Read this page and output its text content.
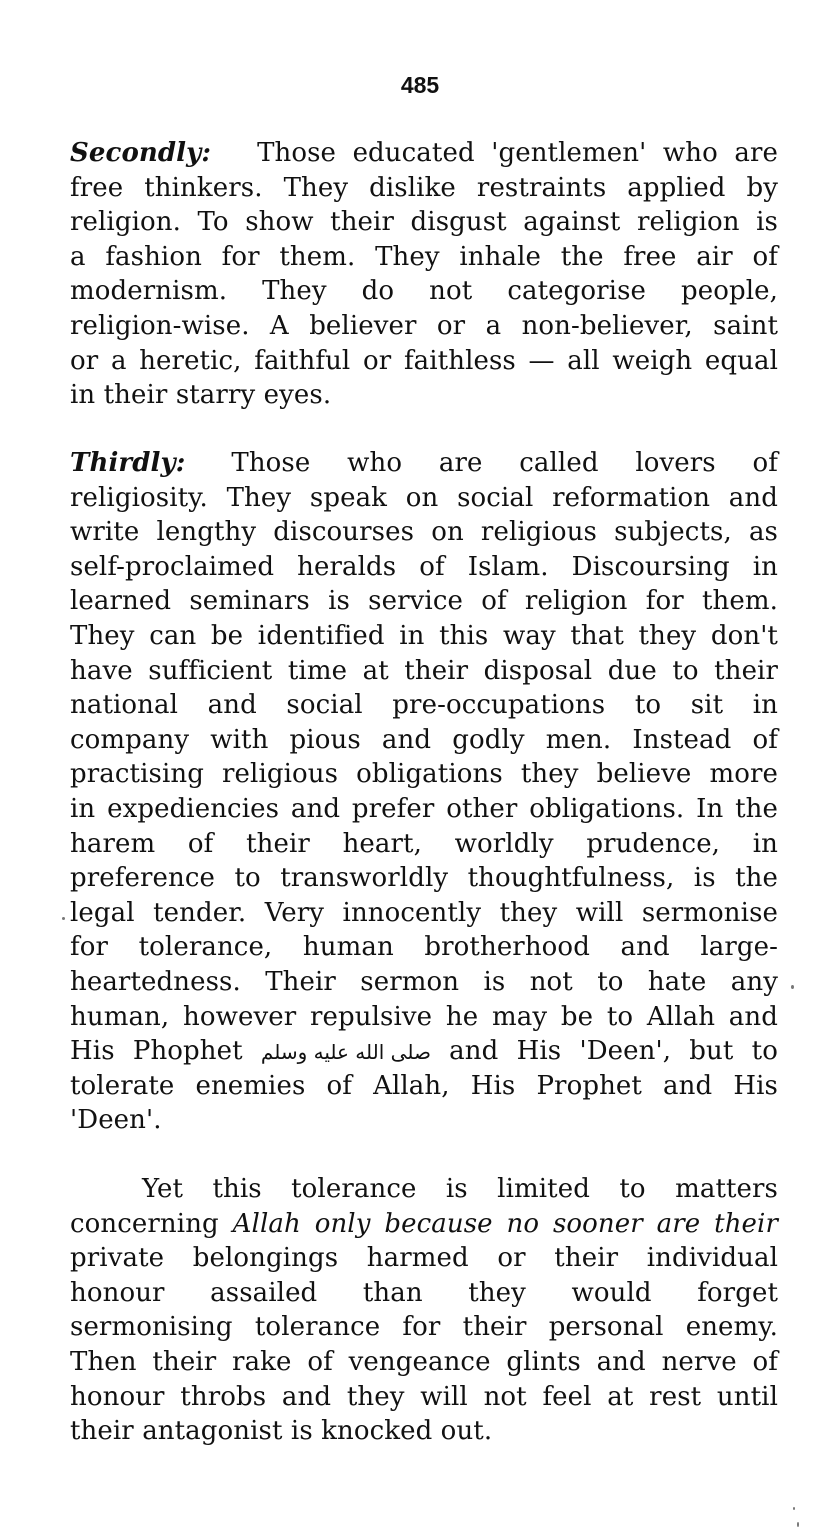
485
Secondly: Those educated 'gentlemen' who are
free thinkers. They dislike restraints applied by
religion. To show their disgust against religion is
a fashion for them. They inhale the free air of
modernism. They do not categorise people,
religion-wise. A believer or a non-believer, saint
or a heretic, faithful or faithless — all weigh equal
in their starry eyes.
Thirdly: Those who are called lovers of
religiosity. They speak on social reformation and
write lengthy discourses on religious subjects, as
self-proclaimed heralds of Islam. Discoursing in
learned seminars is service of religion for them.
They can be identified in this way that they don't
have sufficient time at their disposal due to their
national and social pre-occupations to sit in
company with pious and godly men. Instead of
practising religious obligations they believe more
in expediencies and prefer other obligations. In the
harem of their heart, worldly prudence, in
preference to transworldly thoughtfulness, is the
legal tender. Very innocently they will sermonise
for tolerance, human brotherhood and large-
heartedness. Their sermon is not to hate any
human, however repulsive he may be to Allah and
His Phophet صلى الله عليه وسلم and His 'Deen', but to
tolerate enemies of Allah, His Prophet and His
'Deen'.
Yet this tolerance is limited to matters
concerning Allah only because no sooner are their
private belongings harmed or their individual
honour assailed than they would forget
sermonising tolerance for their personal enemy.
Then their rake of vengeance glints and nerve of
honour throbs and they will not feel at rest until
their antagonist is knocked out.
